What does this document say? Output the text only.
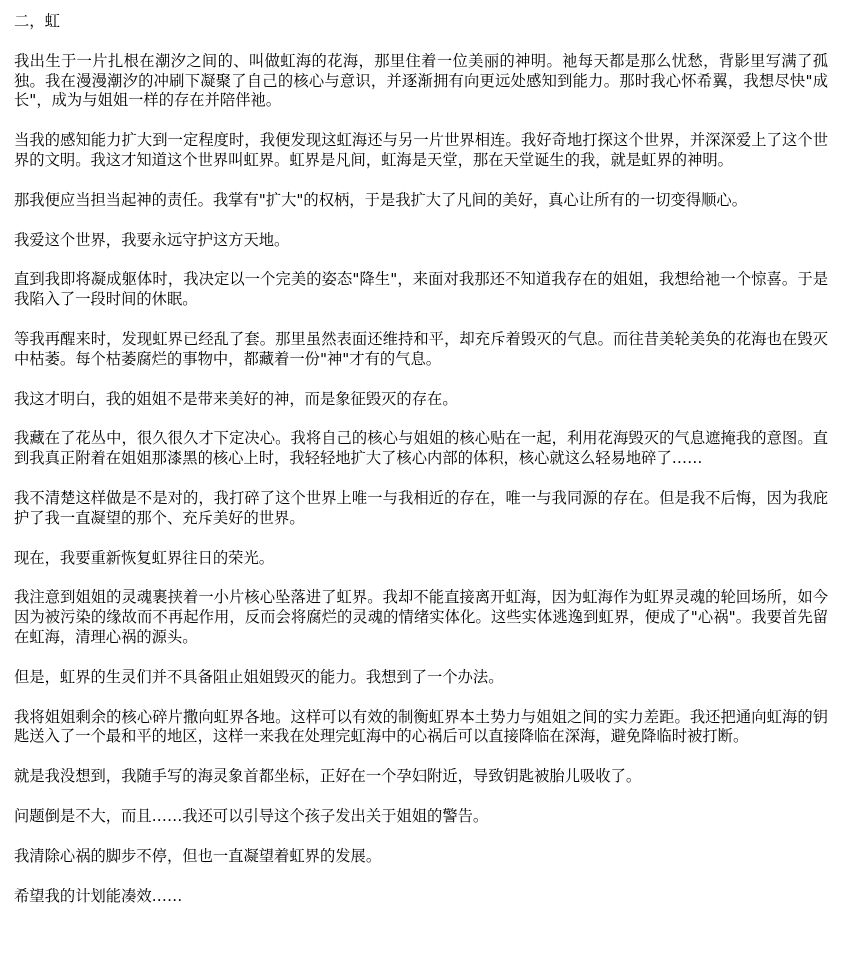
二，虹

我出生于一片扎根在潮汐之间的、叫做虹海的花海，那里住着一位美丽的神明。祂每天都是那么忧愁，背影里写满了孤独。我在漫漫潮汐的冲刷下凝聚了自己的核心与意识，并逐渐拥有向更远处感知到能力。那时我心怀希翼，我想尽快"成长"，成为与姐姐一样的存在并陪伴祂。

当我的感知能力扩大到一定程度时，我便发现这虹海还与另一片世界相连。我好奇地打探这个世界，并深深爱上了这个世界的文明。我这才知道这个世界叫虹界。虹界是凡间，虹海是天堂，那在天堂诞生的我，就是虹界的神明。

那我便应当担当起神的责任。我掌有"扩大"的权柄，于是我扩大了凡间的美好，真心让所有的一切变得顺心。

我爱这个世界，我要永远守护这方天地。

直到我即将凝成躯体时，我决定以一个完美的姿态"降生"，来面对我那还不知道我存在的姐姐，我想给祂一个惊喜。于是我陷入了一段时间的休眠。

等我再醒来时，发现虹界已经乱了套。那里虽然表面还维持和平，却充斥着毁灭的气息。而往昔美轮美奂的花海也在毁灭中枯萎。每个枯萎腐烂的事物中，都藏着一份"神"才有的气息。

我这才明白，我的姐姐不是带来美好的神，而是象征毁灭的存在。

我藏在了花丛中，很久很久才下定决心。我将自己的核心与姐姐的核心贴在一起，利用花海毁灭的气息遮掩我的意图。直到我真正附着在姐姐那漆黑的核心上时，我轻轻地扩大了核心内部的体积，核心就这么轻易地碎了……

我不清楚这样做是不是对的，我打碎了这个世界上唯一与我相近的存在，唯一与我同源的存在。但是我不后悔，因为我庇护了我一直凝望的那个、充斥美好的世界。

现在，我要重新恢复虹界往日的荣光。

我注意到姐姐的灵魂裹挟着一小片核心坠落进了虹界。我却不能直接离开虹海，因为虹海作为虹界灵魂的轮回场所，如今因为被污染的缘故而不再起作用，反而会将腐烂的灵魂的情绪实体化。这些实体逃逸到虹界，便成了"心祸"。我要首先留在虹海，清理心祸的源头。

但是，虹界的生灵们并不具备阻止姐姐毁灭的能力。我想到了一个办法。

我将姐姐剩余的核心碎片撒向虹界各地。这样可以有效的制衡虹界本土势力与姐姐之间的实力差距。我还把通向虹海的钥匙送入了一个最和平的地区，这样一来我在处理完虹海中的心祸后可以直接降临在深海，避免降临时被打断。

就是我没想到，我随手写的海灵象首都坐标，正好在一个孕妇附近，导致钥匙被胎儿吸收了。

问题倒是不大，而且……我还可以引导这个孩子发出关于姐姐的警告。

我清除心祸的脚步不停，但也一直凝望着虹界的发展。

希望我的计划能凑效……
